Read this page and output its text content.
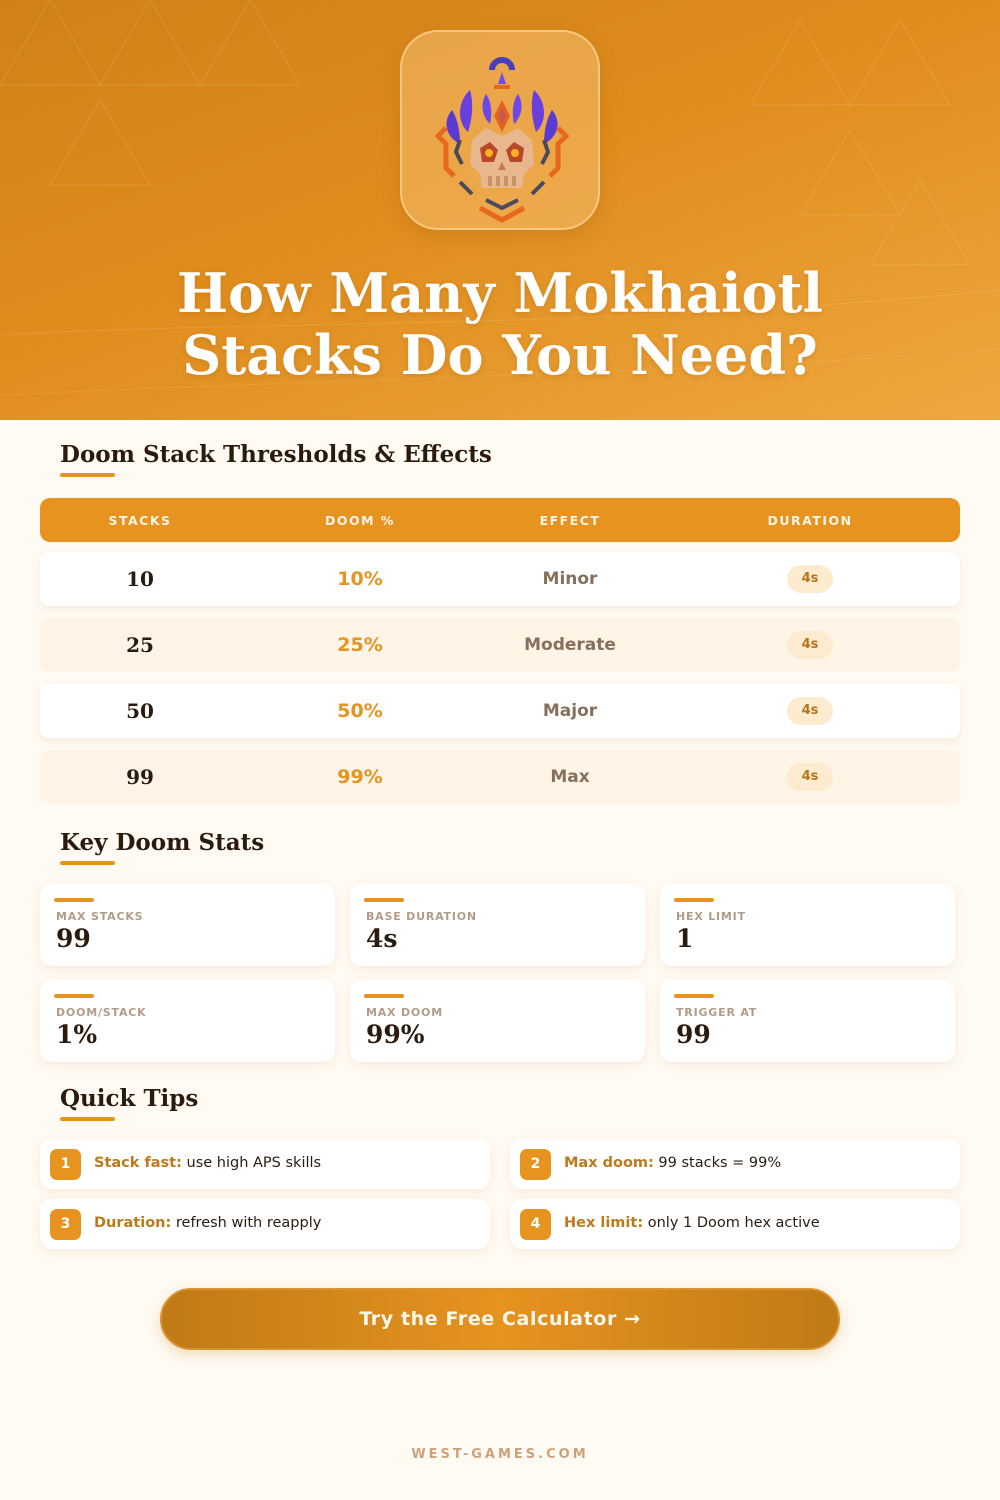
How Many Mokhaiotl
Stacks Do You Need?
Doom Stack Thresholds & Effects
STACKS	DOOM %	EFFECT	DURATION
10	10%	Minor	4s
25	25%	Moderate	4s
50	50%	Major	4s
99	99%	Max	4s
Key Doom Stats
MAX STACKS
99
BASE DURATION
4s
HEX LIMIT
1
DOOM/STACK
1%
MAX DOOM
99%
TRIGGER AT
99
Quick Tips
1	Stack fast: use high APS skills	2	Max doom: 99 stacks = 99%
3	Duration: refresh with reapply	4	Hex limit: only 1 Doom hex active
Try the Free Calculator →
WEST-GAMES.COM
